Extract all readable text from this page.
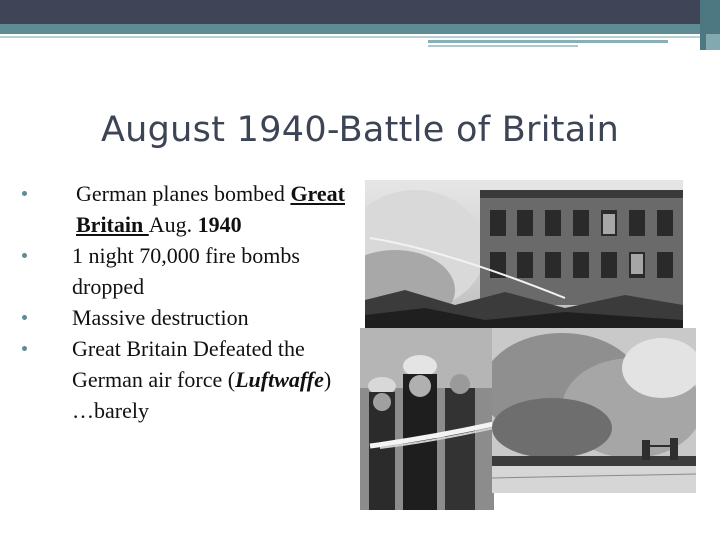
August 1940-Battle of Britain
German planes bombed Great Britain Aug. 1940
1 night 70,000 fire bombs dropped
Massive destruction
Great Britain Defeated the German air force (Luftwaffe) …barely
